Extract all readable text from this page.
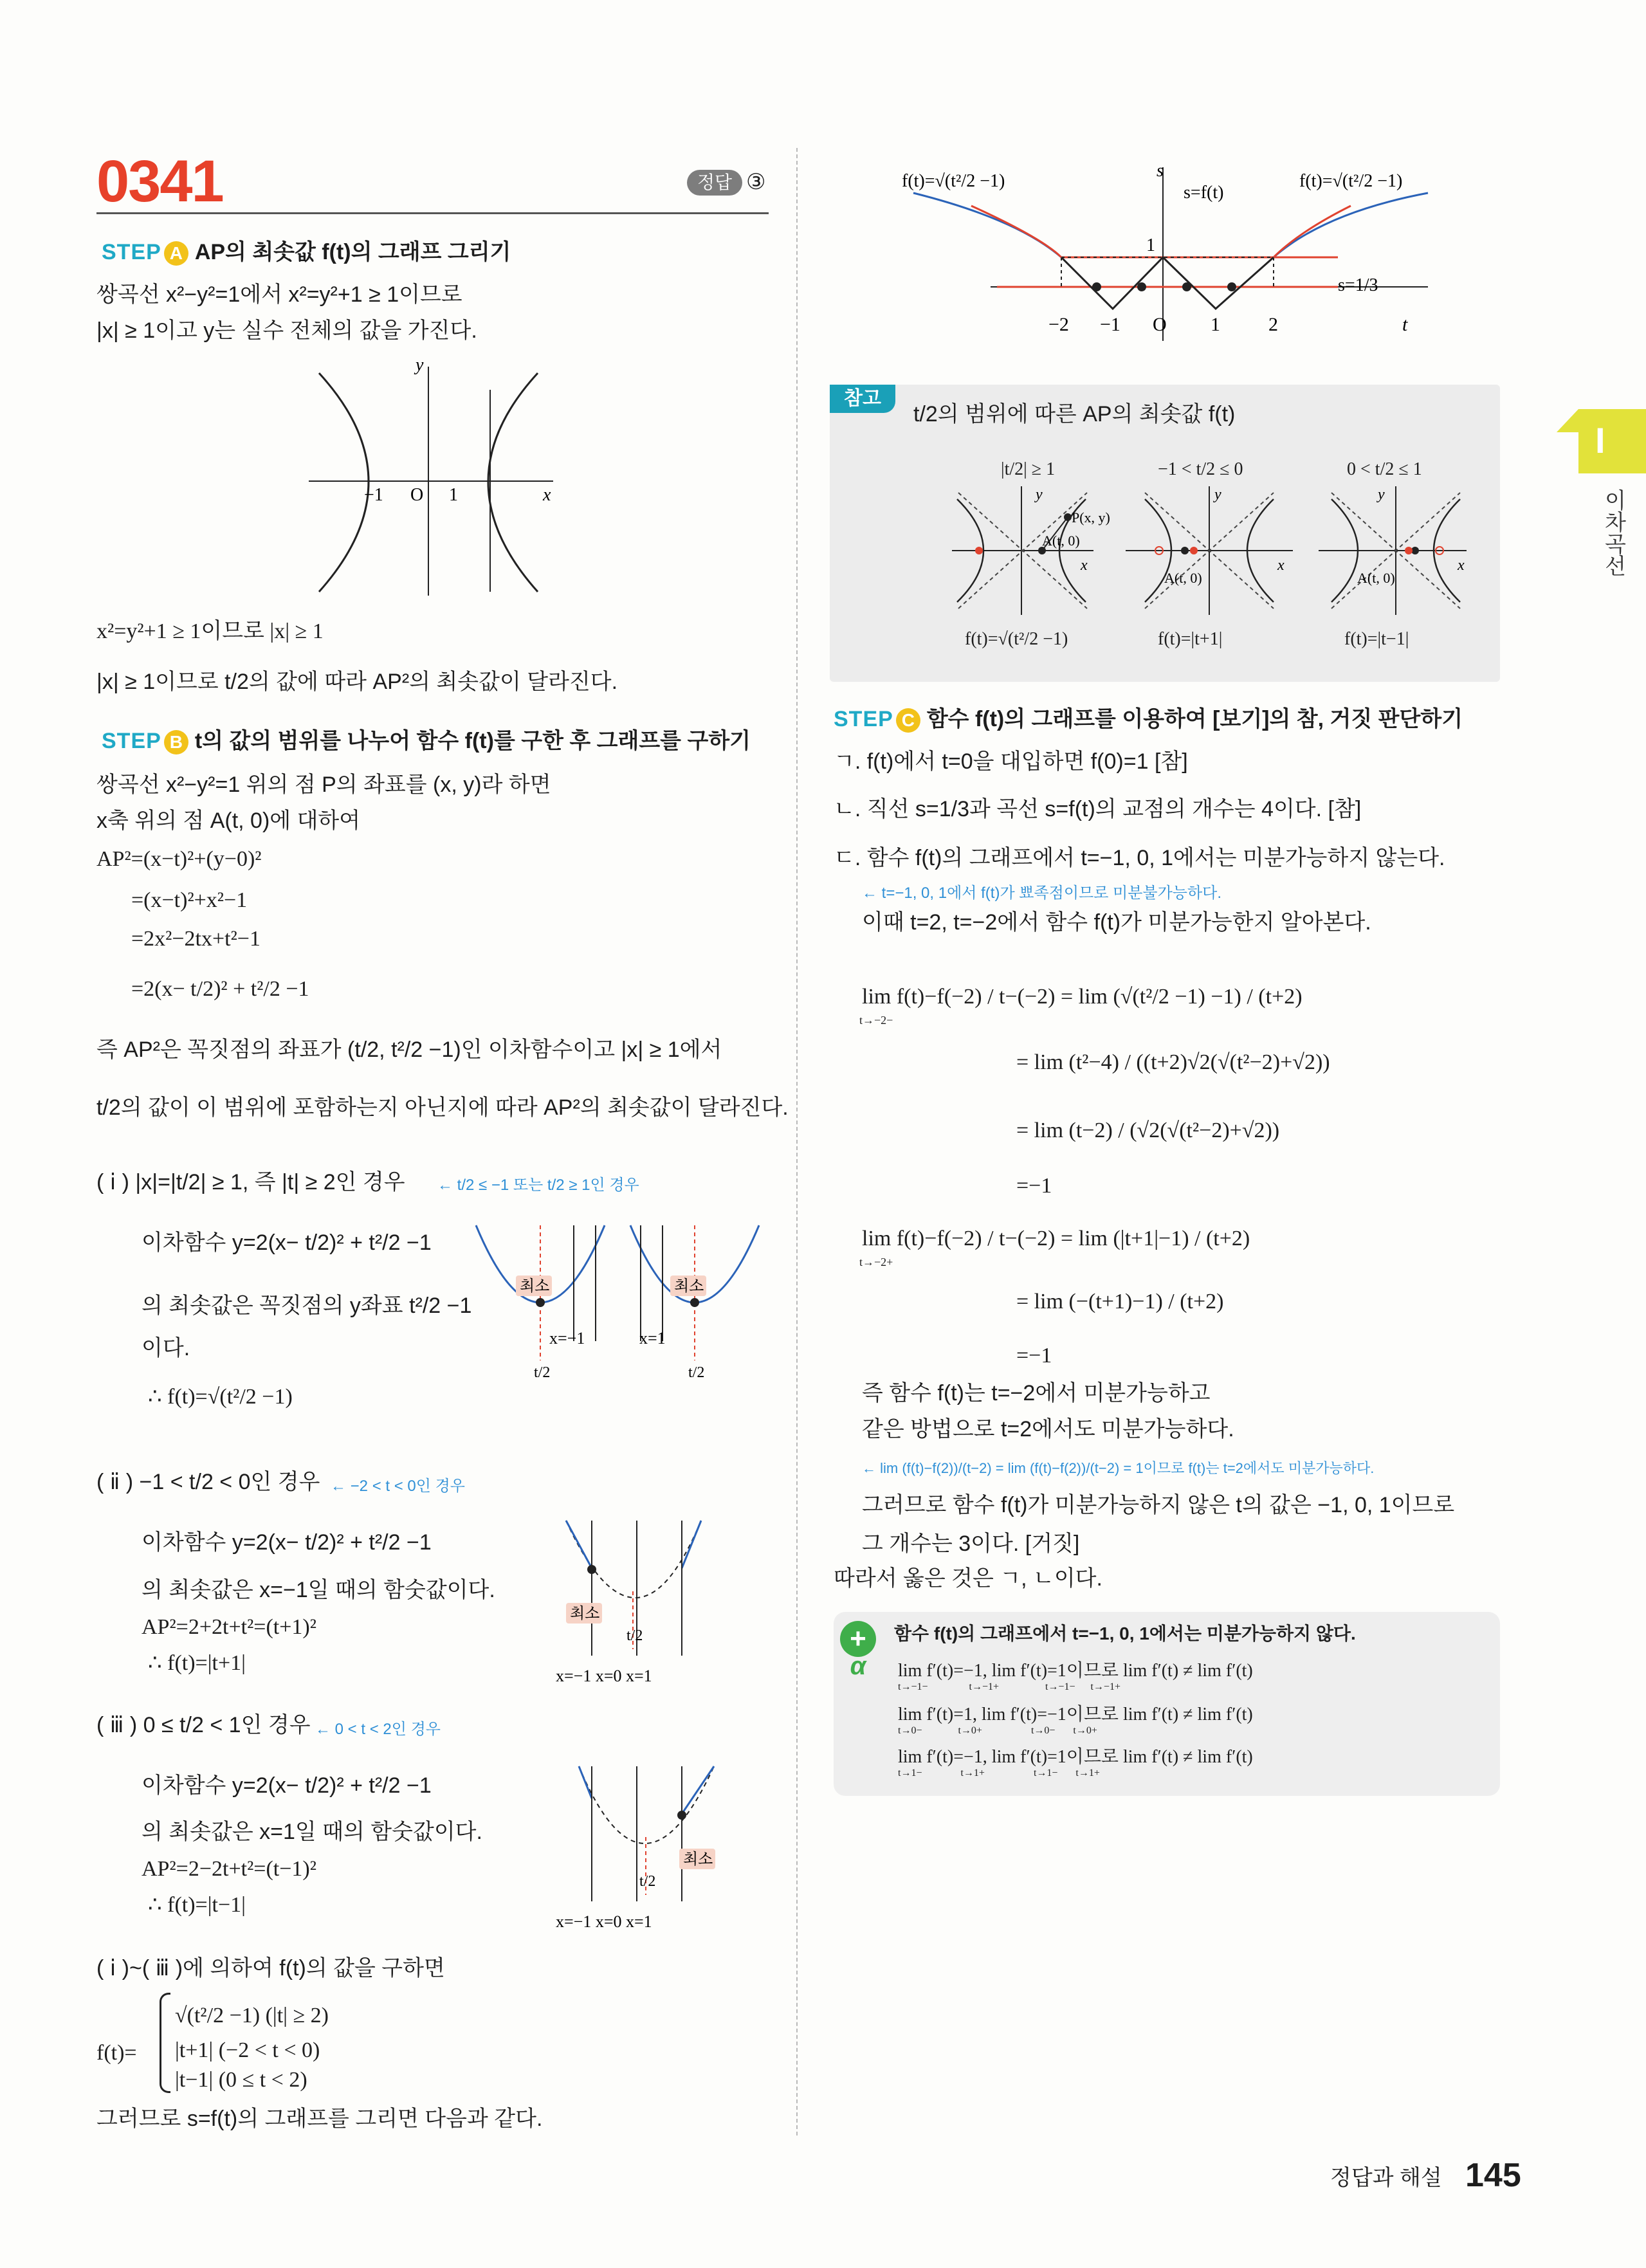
0341	정답 ③
STEP A AP의 최솟값 f(t)의 그래프 그리기
쌍곡선 x²−y²=1에서 x²=y²+1 ≥ 1이므로
|x| ≥ 1이고 y는 실수 전체의 값을 가진다.
y
x
−1 O 1
x²=y²+1 ≥ 1이므로 |x| ≥ 1
|x| ≥ 1이므로 t/2의 값에 따라 AP²의 최솟값이 달라진다.
STEP B t의 값의 범위를 나누어 함수 f(t)를 구한 후 그래프를 구하기
쌍곡선 x²−y²=1 위의 점 P의 좌표를 (x, y)라 하면
x축 위의 점 A(t, 0)에 대하여
AP²=(x−t)²+(y−0)²
=(x−t)²+x²−1
=2x²−2tx+t²−1
=2(x− t/2)² + t²/2 −1
즉 AP²은 꼭짓점의 좌표가 (t/2, t²/2 −1)인 이차함수이고 |x| ≥ 1에서
t/2의 값이 이 범위에 포함하는지 아닌지에 따라 AP²의 최솟값이 달라진다.
( ⅰ ) |x|=|t/2| ≥ 1, 즉 |t| ≥ 2인 경우 ← t/2 ≤ −1 또는 t/2 ≥ 1인 경우
이차함수 y=2(x− t/2)² + t²/2 −1
의 최솟값은 꼭짓점의 y좌표 t²/2 −1
이다.
∴ f(t)=√(t²/2 −1)
최소
x=−1
t/2
최소
x=1
t/2
( ⅱ ) −1 < t/2 < 0인 경우 ← −2 < t < 0인 경우
이차함수 y=2(x− t/2)² + t²/2 −1
의 최솟값은 x=−1일 때의 함숫값이다.
AP²=2+2t+t²=(t+1)²
∴ f(t)=|t+1|
최소
t/2
x=−1 x=0 x=1
( ⅲ ) 0 ≤ t/2 < 1인 경우 ← 0 < t < 2인 경우
이차함수 y=2(x− t/2)² + t²/2 −1
의 최솟값은 x=1일 때의 함숫값이다.
AP²=2−2t+t²=(t−1)²
∴ f(t)=|t−1|
최소
t/2
x=−1 x=0 x=1
( ⅰ )~( ⅲ )에 의하여 f(t)의 값을 구하면
f(t)=
√(t²/2 −1) (|t| ≥ 2)
|t+1| (−2 < t < 0)
|t−1| (0 ≤ t < 2)
그러므로 s=f(t)의 그래프를 그리면 다음과 같다.
f(t)=√(t²/2 −1)	f(t)=√(t²/2 −1)
s
s=f(t)
s=1/3
1
−2 −1 O 1	2	t
참고
t/2의 범위에 따른 AP의 최솟값 f(t)
|t/2| ≥ 1	−1 < t/2 ≤ 0	0 < t/2 ≤ 1
y
P(x, y)
A(t, 0)
x
y
A(t, 0)
x
y
A(t, 0)
x
f(t)=√(t²/2 −1)	f(t)=|t+1|	f(t)=|t−1|
STEP C 함수 f(t)의 그래프를 이용하여 [보기]의 참, 거짓 판단하기
ㄱ. f(t)에서 t=0을 대입하면 f(0)=1 [참]
ㄴ. 직선 s=1/3과 곡선 s=f(t)의 교점의 개수는 4이다. [참]
ㄷ. 함수 f(t)의 그래프에서 t=−1, 0, 1에서는 미분가능하지 않는다.
← t=−1, 0, 1에서 f(t)가 뾰족점이므로 미분불가능하다.
이때 t=2, t=−2에서 함수 f(t)가 미분가능한지 알아본다.
lim f(t)−f(−2) / t−(−2) = lim (√(t²/2 −1) −1) / (t+2)
t→−2−
= lim (t²−4) / ((t+2)√2(√(t²−2)+√2))
= lim (t−2) / (√2(√(t²−2)+√2))
=−1
lim f(t)−f(−2) / t−(−2) = lim (|t+1|−1) / (t+2)
t→−2+
= lim (−(t+1)−1) / (t+2)
=−1
즉 함수 f(t)는 t=−2에서 미분가능하고
같은 방법으로 t=2에서도 미분가능하다.
← lim (f(t)−f(2))/(t−2) = lim (f(t)−f(2))/(t−2) = 1이므로 f(t)는 t=2에서도 미분가능하다.
그러므로 함수 f(t)가 미분가능하지 않은 t의 값은 −1, 0, 1이므로
그 개수는 3이다. [거짓]
따라서 옳은 것은 ㄱ, ㄴ이다.
+
α
함수 f(t)의 그래프에서 t=−1, 0, 1에서는 미분가능하지 않다.
lim f′(t)=−1, lim f′(t)=1이므로 lim f′(t) ≠ lim f′(t)
t→−1−                t→−1+                  t→−1−      t→−1+
lim f′(t)=1, lim f′(t)=−1이므로 lim f′(t) ≠ lim f′(t)
t→0−              t→0+                   t→0−       t→0+
lim f′(t)=−1, lim f′(t)=1이므로 lim f′(t) ≠ lim f′(t)
t→1−               t→1+                   t→1−       t→1+
I
이차곡선
정답과 해설 145
